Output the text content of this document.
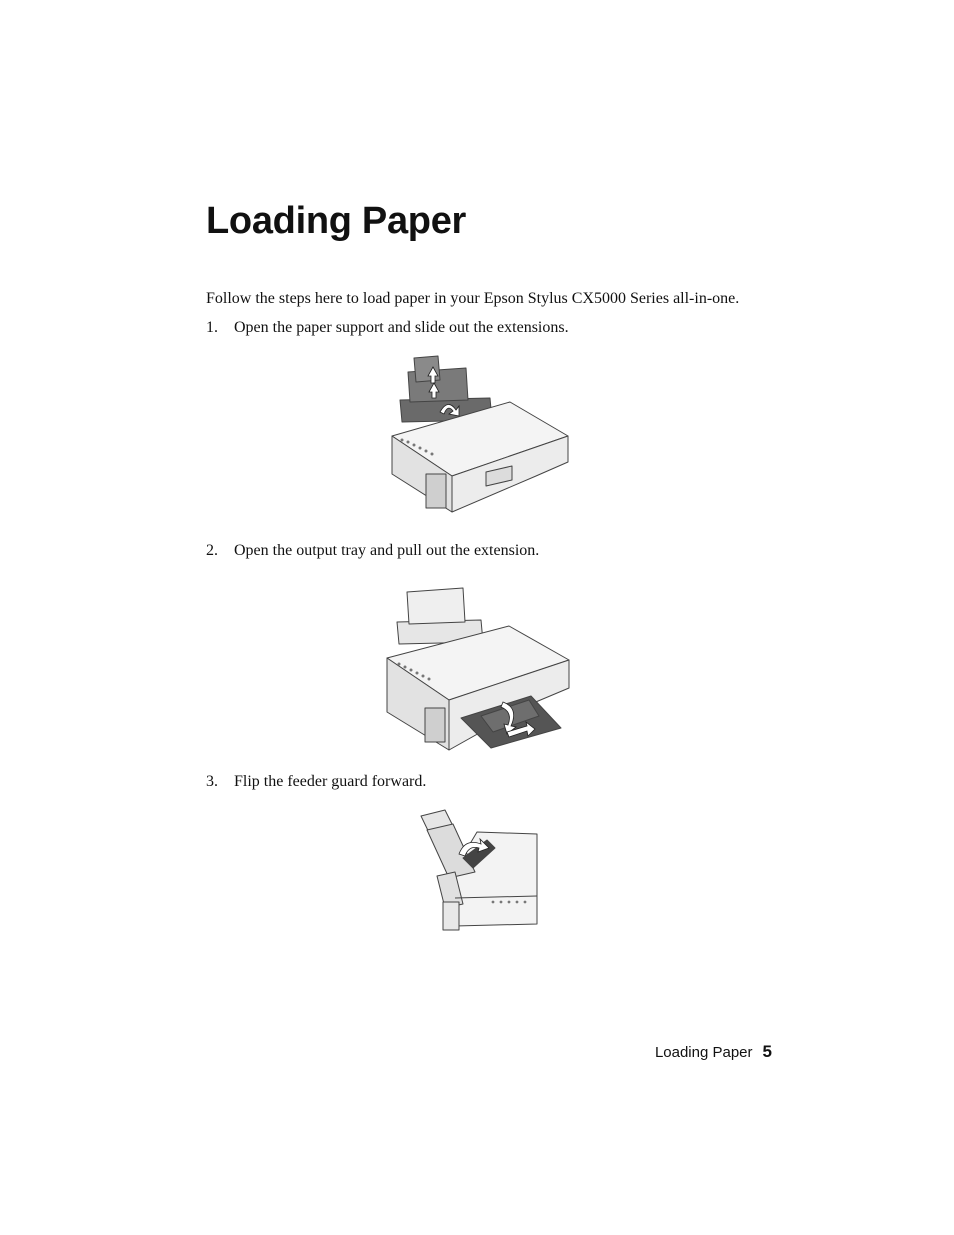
Loading Paper

Follow the steps here to load paper in your Epson Stylus CX5000 Series all-in-one.

1. Open the paper support and slide out the extensions.

2. Open the output tray and pull out the extension.

3. Flip the feeder guard forward.

Loading Paper 5
